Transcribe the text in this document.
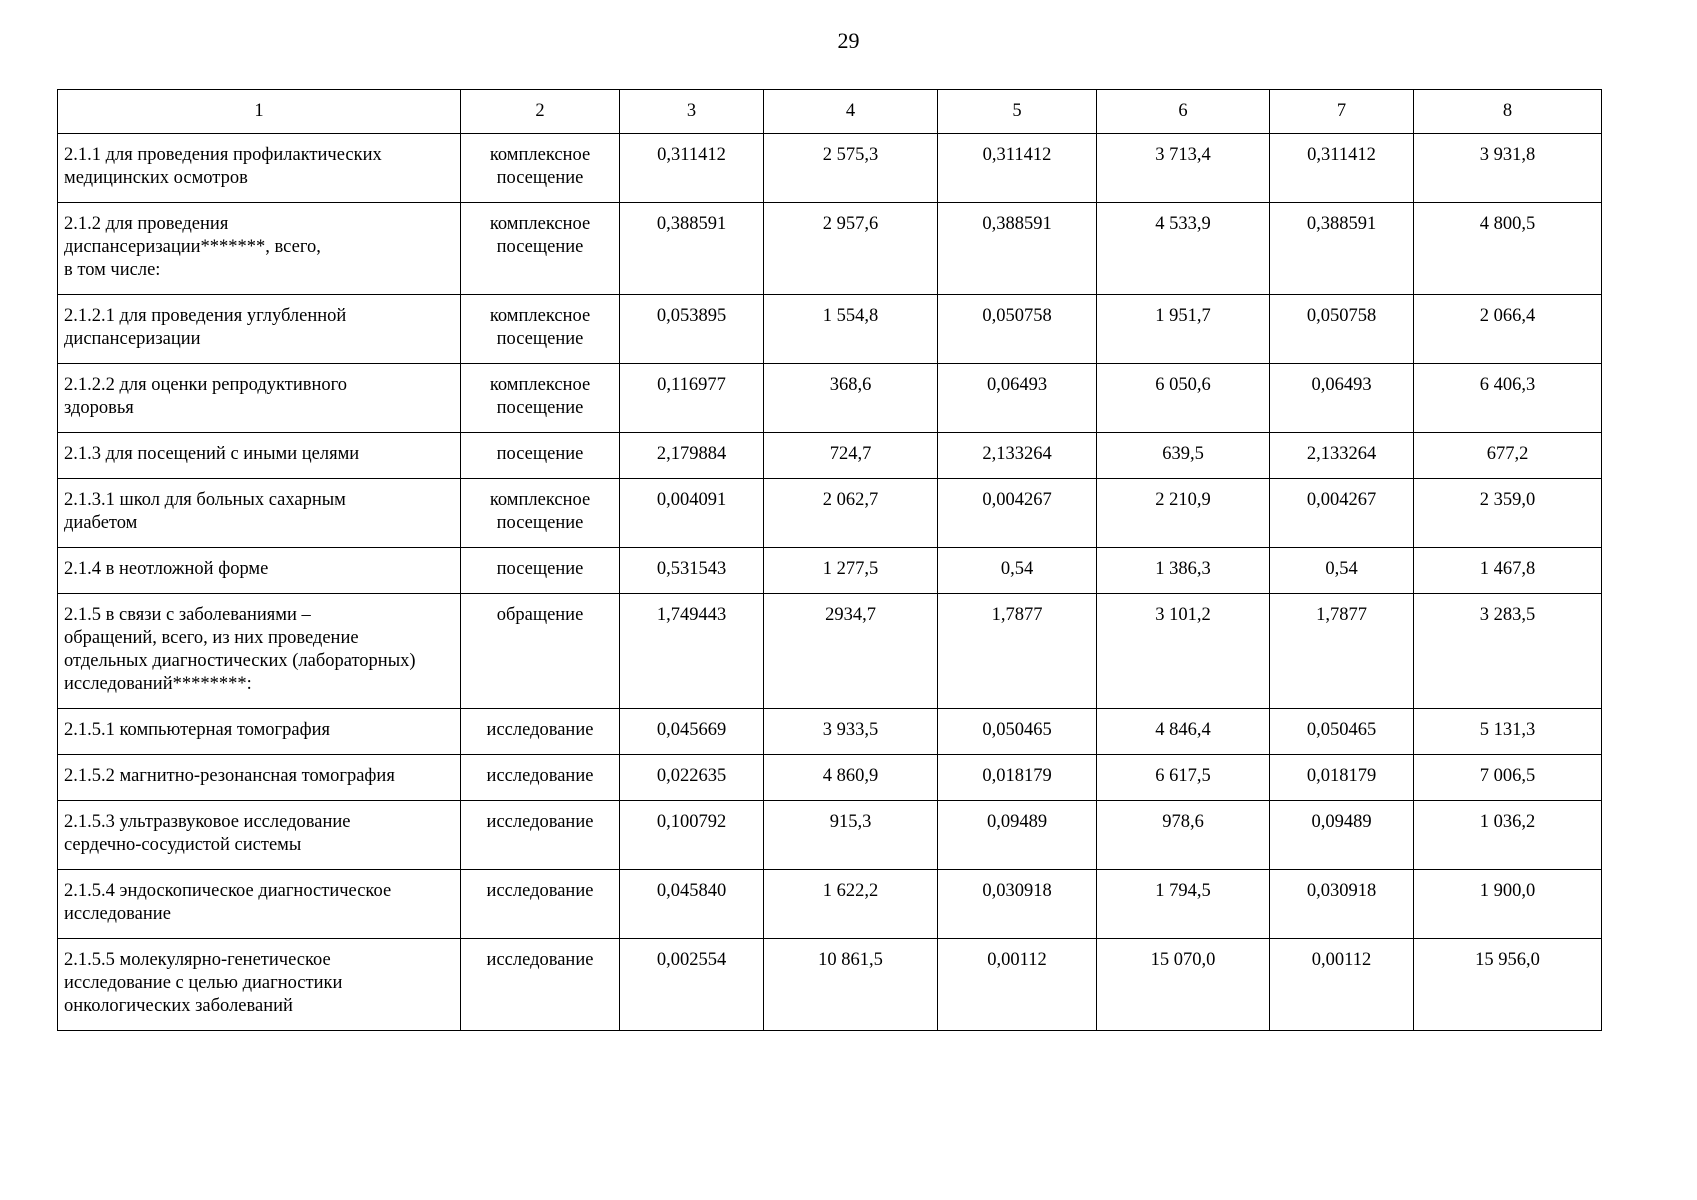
29
1	2	3	4	5	6	7	8

2.1.1 для проведения профилактических
медицинских осмотров	комплексное
посещение	0,311412	2 575,3	0,311412	3 713,4	0,311412	3 931,8

2.1.2 для проведения
диспансеризации*******, всего,
в том числе:	комплексное
посещение	0,388591	2 957,6	0,388591	4 533,9	0,388591	4 800,5

2.1.2.1 для проведения углубленной
диспансеризации	комплексное
посещение	0,053895	1 554,8	0,050758	1 951,7	0,050758	2 066,4

2.1.2.2 для оценки репродуктивного
здоровья	комплексное
посещение	0,116977	368,6	0,06493	6 050,6	0,06493	6 406,3

2.1.3 для посещений с иными целями	посещение	2,179884	724,7	2,133264	639,5	2,133264	677,2

2.1.3.1 школ для больных сахарным
диабетом	комплексное
посещение	0,004091	2 062,7	0,004267	2 210,9	0,004267	2 359,0

2.1.4 в неотложной форме	посещение	0,531543	1 277,5	0,54	1 386,3	0,54	1 467,8

2.1.5 в связи с заболеваниями –
обращений, всего, из них проведение
отдельных диагностических (лабораторных)
исследований********:	обращение	1,749443	2934,7	1,7877	3 101,2	1,7877	3 283,5

2.1.5.1 компьютерная томография	исследование	0,045669	3 933,5	0,050465	4 846,4	0,050465	5 131,3

2.1.5.2 магнитно-резонансная томография	исследование	0,022635	4 860,9	0,018179	6 617,5	0,018179	7 006,5

2.1.5.3 ультразвуковое исследование
сердечно-сосудистой системы	исследование	0,100792	915,3	0,09489	978,6	0,09489	1 036,2

2.1.5.4 эндоскопическое диагностическое
исследование	исследование	0,045840	1 622,2	0,030918	1 794,5	0,030918	1 900,0

2.1.5.5 молекулярно-генетическое
исследование с целью диагностики
онкологических заболеваний	исследование	0,002554	10 861,5	0,00112	15 070,0	0,00112	15 956,0
